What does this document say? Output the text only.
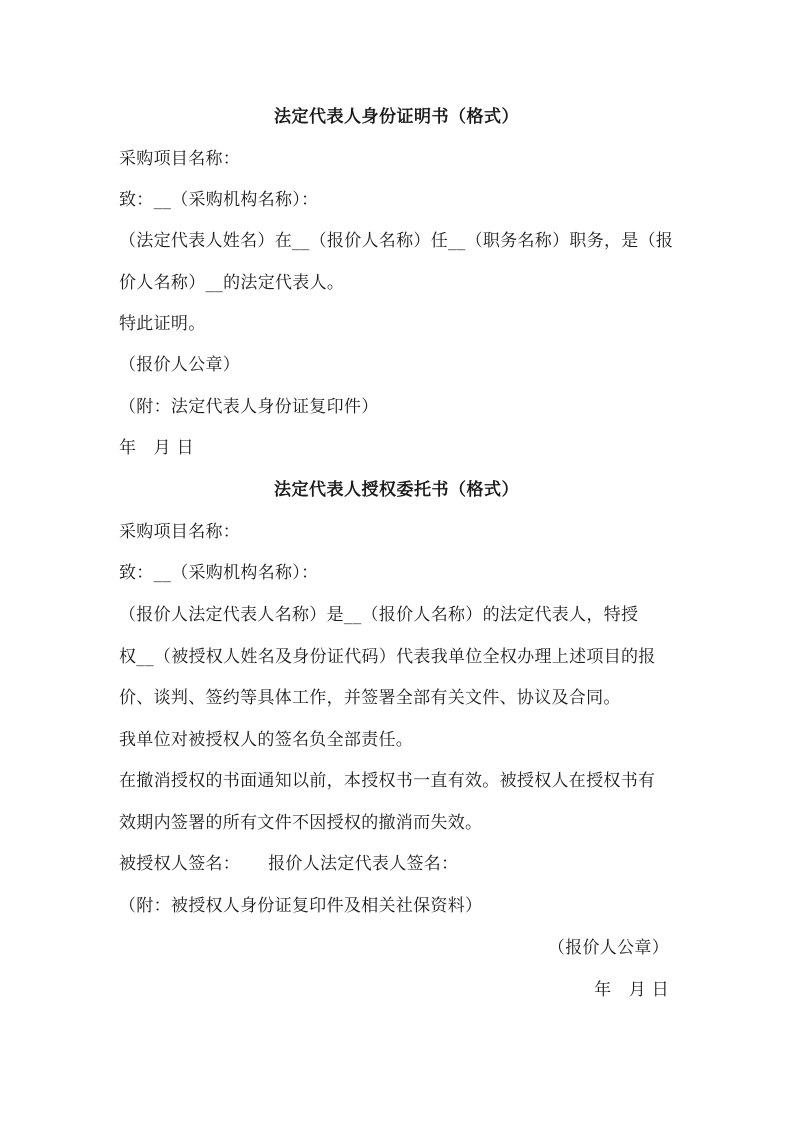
法定代表人身份证明书（格式）
采购项目名称：
致：__（采购机构名称）：
（法定代表人姓名）在__（报价人名称）任__（职务名称）职务，是（报
价人名称）__的法定代表人。
特此证明。
（报价人公章）
（附：法定代表人身份证复印件）
年　月 日
法定代表人授权委托书（格式）
采购项目名称：
致：__（采购机构名称）：
（报价人法定代表人名称）是__（报价人名称）的法定代表人，特授
权__（被授权人姓名及身份证代码）代表我单位全权办理上述项目的报
价、谈判、签约等具体工作，并签署全部有关文件、协议及合同。
我单位对被授权人的签名负全部责任。
在撤消授权的书面通知以前，本授权书一直有效。被授权人在授权书有
效期内签署的所有文件不因授权的撤消而失效。
被授权人签名： 报价人法定代表人签名：
（附：被授权人身份证复印件及相关社保资料）
（报价人公章）
年　月 日
